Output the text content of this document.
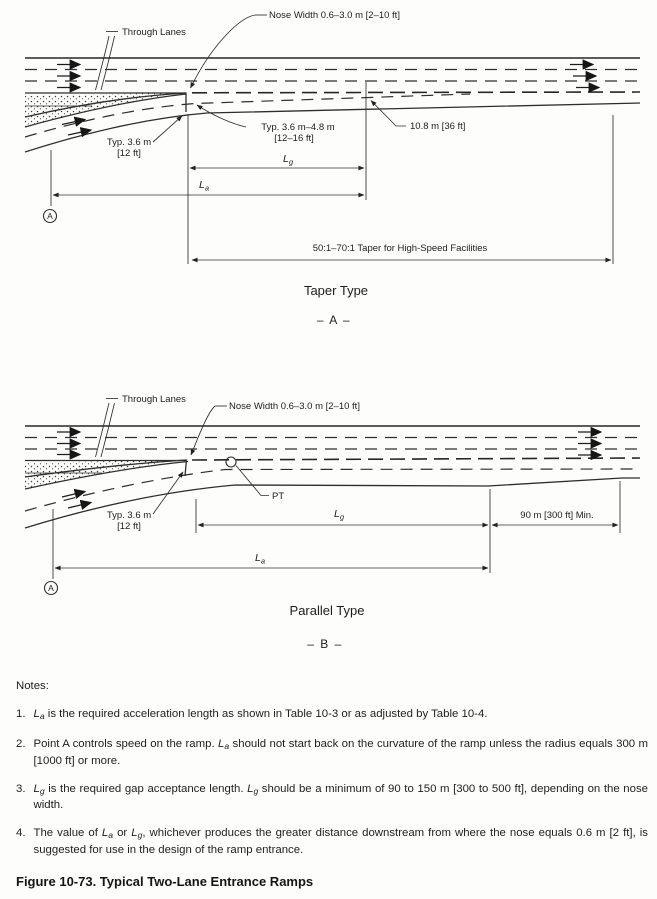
Through Lanes
Nose Width 0.6–3.0 m [2–10 ft]
Typ. 3.6 m–4.8 m
[12–16 ft]
Typ. 3.6 m
[12 ft]
10.8 m [36 ft]
$L_g$
$L_a$
50:1–70:1 Taper for High-Speed Facilities
A
Taper Type
– A –
Through Lanes
Nose Width 0.6–3.0 m [2–10 ft]
PT
Typ. 3.6 m
[12 ft]
$L_g$	90 m [300 ft] Min.
$L_a$
A
Parallel Type
– B –
Notes:
1. La is the required acceleration length as shown in Table 10-3 or as adjusted by Table 10-4.
2. Point A controls speed on the ramp. La should not start back on the curvature of the ramp unless the radius equals 300 m [1000 ft] or more.
3. Lg is the required gap acceptance length. Lg should be a minimum of 90 to 150 m [300 to 500 ft], depending on the nose width.
4. The value of La or Lg, whichever produces the greater distance downstream from where the nose equals 0.6 m [2 ft], is suggested for use in the design of the ramp entrance.
Figure 10-73. Typical Two-Lane Entrance Ramps
